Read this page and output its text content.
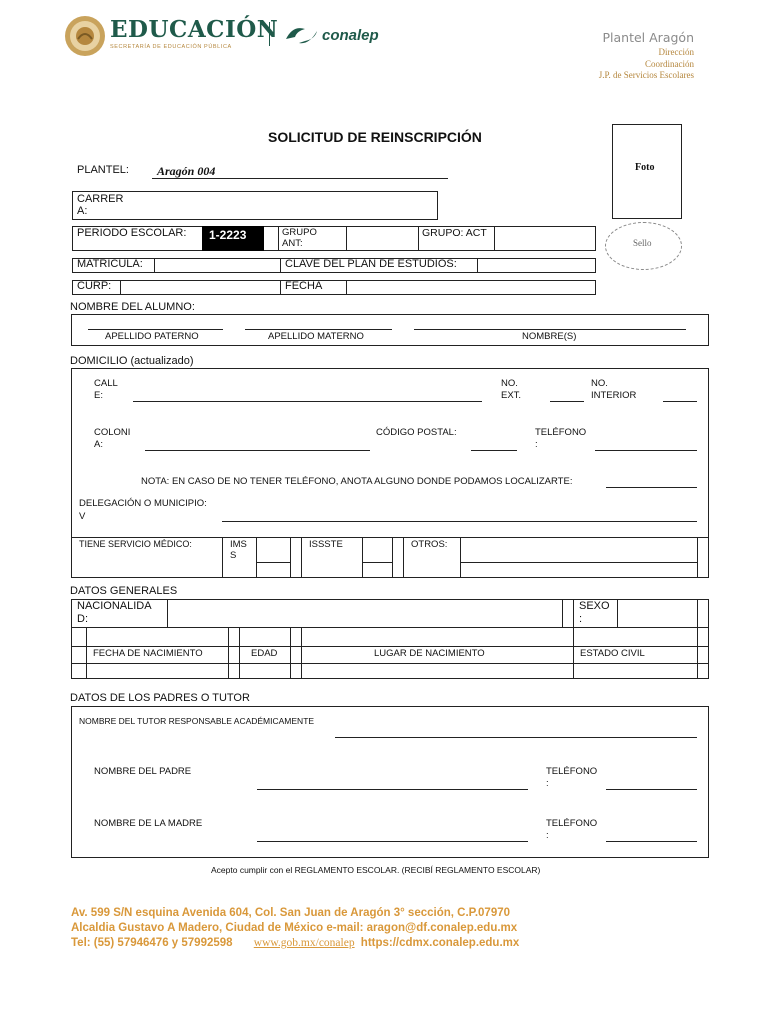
EDUCACIÓN
SECRETARÍA DE EDUCACIÓN PÚBLICA
conalep	Plantel Aragón
Dirección
Coordinación
J.P. de Servicios Escolares
SOLICITUD DE REINSCRIPCIÓN
Foto
Sello
PLANTEL: Aragón 004
CARRER
A:
PERIODO ESCOLAR: 1-2223	GRUPO
ANT:
GRUPO: ACT
MATRICULA:	CLAVE DEL PLAN DE ESTUDIOS:
CURP:	FECHA
NOMBRE DEL ALUMNO:
APELLIDO PATERNO	APELLIDO MATERNO	NOMBRE(S)
DOMICILIO (actualizado)
CALL
E:
NO.
EXT.
NO.
INTERIOR
COLONI
A:
CÓDIGO POSTAL:	TELÉFONO
:
NOTA: EN CASO DE NO TENER TELÉFONO, ANOTA ALGUNO DONDE PODAMOS LOCALIZARTE:
DELEGACIÓN O MUNICIPIO:
V
TIENE SERVICIO MÉDICO:	IMS
S
ISSSTE	OTROS:
DATOS GENERALES
NACIONALIDA
D:
SEXO
:
FECHA DE NACIMIENTO	EDAD	LUGAR DE NACIMIENTO	ESTADO CIVIL
DATOS DE LOS PADRES O TUTOR
NOMBRE DEL TUTOR RESPONSABLE ACADÉMICAMENTE
NOMBRE DEL PADRE	TELÉFONO
:
NOMBRE DE LA MADRE	TELÉFONO
:
Acepto cumplir con el REGLAMENTO ESCOLAR. (RECIBÍ REGLAMENTO ESCOLAR)
Av. 599 S/N esquina Avenida 604, Col. San Juan de Aragón 3° sección, C.P.07970
Alcaldia Gustavo A Madero, Ciudad de México e-mail: aragon@df.conalep.edu.mx
Tel: (55) 57946476 y 57992598 www.gob.mx/conalep https://cdmx.conalep.edu.mx
